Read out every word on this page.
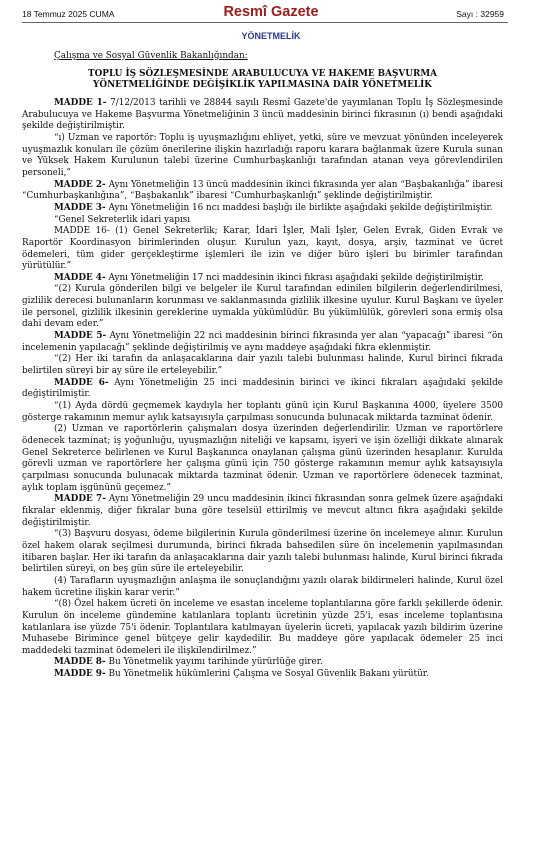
18 Temmuz 2025 CUMA	Resmî Gazete	Sayı : 32959
YÖNETMELİK
Çalışma ve Sosyal Güvenlik Bakanlığından:
TOPLU İŞ SÖZLEŞMESİNDE ARABULUCUYA VE HAKEME BAŞVURMA
YÖNETMELİĞİNDE DEĞİŞİKLİK YAPILMASINA DAİR YÖNETMELİK

MADDE 1- 7/12/2013 tarihli ve 28844 sayılı Resmî Gazete'de yayımlanan Toplu İş Sözleşmesinde Arabulucuya ve Hakeme Başvurma Yönetmeliğinin 3 üncü maddesinin birinci fıkrasının (ı) bendi aşağıdaki şekilde değiştirilmiştir.

“ı) Uzman ve raportör: Toplu iş uyuşmazlığını ehliyet, yetki, süre ve mevzuat yönünden inceleyerek uyuşmazlık konuları ile çözüm önerilerine ilişkin hazırladığı raporu karara bağlanmak üzere Kurula sunan ve Yüksek Hakem Kurulunun talebi üzerine Cumhurbaşkanlığı tarafından atanan veya görevlendirilen personeli,”

MADDE 2- Aynı Yönetmeliğin 13 üncü maddesinin ikinci fıkrasında yer alan “Başbakanlığa” ibaresi “Cumhurbaşkanlığına”, “Başbakanlık” ibaresi “Cumhurbaşkanlığı” şeklinde değiştirilmiştir.

MADDE 3- Aynı Yönetmeliğin 16 ncı maddesi başlığı ile birlikte aşağıdaki şekilde değiştirilmiştir.

“Genel Sekreterlik idari yapısı

MADDE 16- (1) Genel Sekreterlik; Karar, İdari İşler, Mali İşler, Gelen Evrak, Giden Evrak ve Raportör Koordinasyon birimlerinden oluşur. Kurulun yazı, kayıt, dosya, arşiv, tazminat ve ücret ödemeleri, tüm gider gerçekleştirme işlemleri ile izin ve diğer büro işleri bu birimler tarafından yürütülür.”

MADDE 4- Aynı Yönetmeliğin 17 nci maddesinin ikinci fıkrası aşağıdaki şekilde değiştirilmiştir.

“(2) Kurula gönderilen bilgi ve belgeler ile Kurul tarafından edinilen bilgilerin değerlendirilmesi, gizlilik derecesi bulunanların korunması ve saklanmasında gizlilik ilkesine uyulur. Kurul Başkanı ve üyeler ile personel, gizlilik ilkesinin gereklerine uymakla yükümlüdür. Bu yükümlülük, görevleri sona ermiş olsa dahi devam eder.”

MADDE 5- Aynı Yönetmeliğin 22 nci maddesinin birinci fıkrasında yer alan “yapacağı” ibaresi “ön incelemenin yapılacağı” şeklinde değiştirilmiş ve aynı maddeye aşağıdaki fıkra eklenmiştir.

“(2) Her iki tarafın da anlaşacaklarına dair yazılı talebi bulunması halinde, Kurul birinci fıkrada belirtilen süreyi bir ay süre ile erteleyebilir.”

MADDE 6- Aynı Yönetmeliğin 25 inci maddesinin birinci ve ikinci fıkraları aşağıdaki şekilde değiştirilmiştir.

“(1) Ayda dördü geçmemek kaydıyla her toplantı günü için Kurul Başkanına 4000, üyelere 3500 gösterge rakamının memur aylık katsayısıyla çarpılması sonucunda bulunacak miktarda tazminat ödenir.

(2) Uzman ve raportörlerin çalışmaları dosya üzerinden değerlendirilir. Uzman ve raportörlere ödenecek tazminat; iş yoğunluğu, uyuşmazlığın niteliği ve kapsamı, işyeri ve işin özelliği dikkate alınarak Genel Sekreterce belirlenen ve Kurul Başkanınca onaylanan çalışma günü üzerinden hesaplanır. Kurulda görevli uzman ve raportörlere her çalışma günü için 750 gösterge rakamının memur aylık katsayısıyla çarpılması sonucunda bulunacak miktarda tazminat ödenir. Uzman ve raportörlere ödenecek tazminat, aylık toplam işgününü geçemez.”

MADDE 7- Aynı Yönetmeliğin 29 uncu maddesinin ikinci fıkrasından sonra gelmek üzere aşağıdaki fıkralar eklenmiş, diğer fıkralar buna göre teselsül ettirilmiş ve mevcut altıncı fıkra aşağıdaki şekilde değiştirilmiştir.

“(3) Başvuru dosyası, ödeme bilgilerinin Kurula gönderilmesi üzerine ön incelemeye alınır. Kurulun özel hakem olarak seçilmesi durumunda, birinci fıkrada bahsedilen süre ön incelemenin yapılmasından itibaren başlar. Her iki tarafın da anlaşacaklarına dair yazılı talebi bulunması halinde, Kurul birinci fıkrada belirtilen süreyi, on beş gün süre ile erteleyebilir.

(4) Tarafların uyuşmazlığın anlaşma ile sonuçlandığını yazılı olarak bildirmeleri halinde, Kurul özel hakem ücretine ilişkin karar verir.”

“(8) Özel hakem ücreti ön inceleme ve esastan inceleme toplantılarına göre farklı şekillerde ödenir. Kurulun ön inceleme gündemine katılanlara toplantı ücretinin yüzde 25'i, esas inceleme toplantısına katılanlara ise yüzde 75'i ödenir. Toplantılara katılmayan üyelerin ücreti, yapılacak yazılı bildirim üzerine Muhasebe Birimince genel bütçeye gelir kaydedilir. Bu maddeye göre yapılacak ödemeler 25 inci maddedeki tazminat ödemeleri ile ilişkilendirilmez.”

MADDE 8- Bu Yönetmelik yayımı tarihinde yürürlüğe girer.

MADDE 9- Bu Yönetmelik hükümlerini Çalışma ve Sosyal Güvenlik Bakanı yürütür.
